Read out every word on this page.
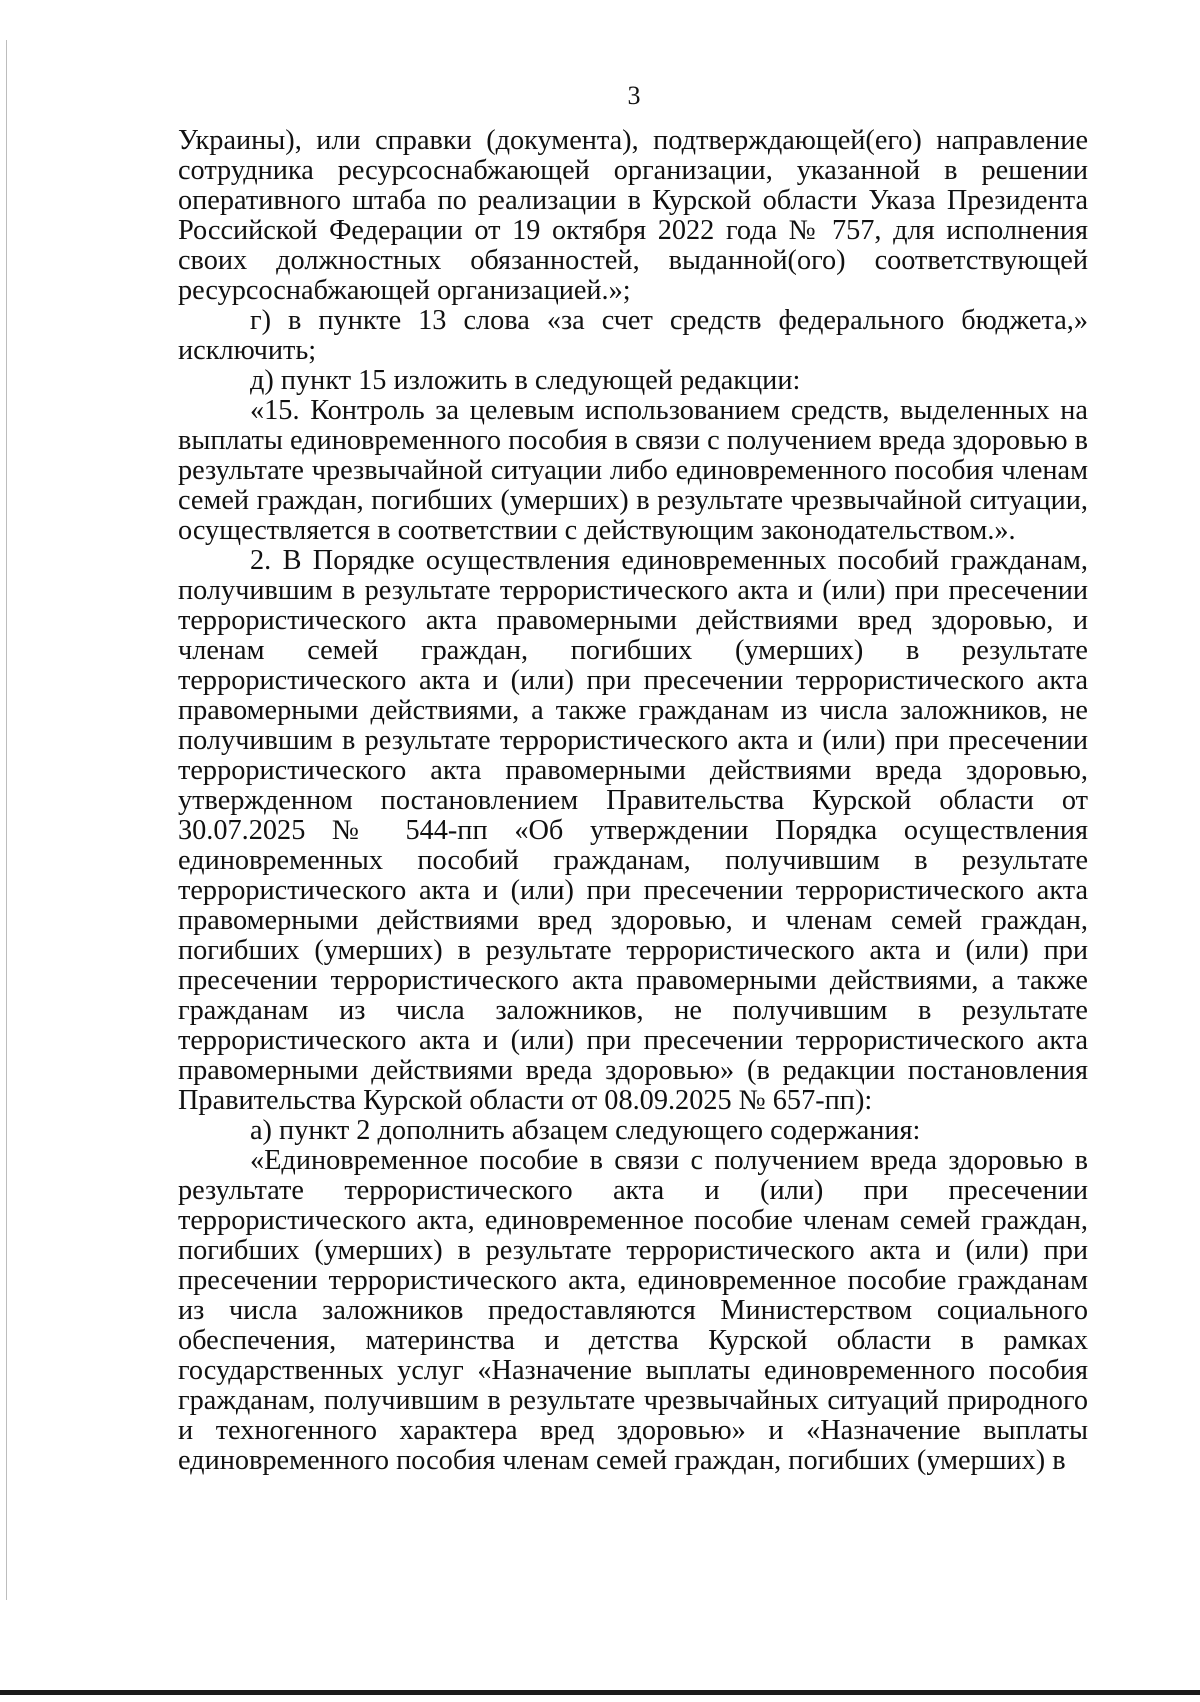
3

Украины), или справки (документа), подтверждающей(его) направление сотрудника ресурсоснабжающей организации, указанной в решении оперативного штаба по реализации в Курской области Указа Президента Российской Федерации от 19 октября 2022 года № 757, для исполнения своих должностных обязанностей, выданной(ого) соответствующей ресурсоснабжающей организацией.»;

г) в пункте 13 слова «за счет средств федерального бюджета,» исключить;

д) пункт 15 изложить в следующей редакции:

«15. Контроль за целевым использованием средств, выделенных на выплаты единовременного пособия в связи с получением вреда здоровью в результате чрезвычайной ситуации либо единовременного пособия членам семей граждан, погибших (умерших) в результате чрезвычайной ситуации, осуществляется в соответствии с действующим законодательством.».

2. В Порядке осуществления единовременных пособий гражданам, получившим в результате террористического акта и (или) при пресечении террористического акта правомерными действиями вред здоровью, и членам семей граждан, погибших (умерших) в результате террористического акта и (или) при пресечении террористического акта правомерными действиями, а также гражданам из числа заложников, не получившим в результате террористического акта и (или) при пресечении террористического акта правомерными действиями вреда здоровью, утвержденном постановлением Правительства Курской области от 30.07.2025 № 544-пп «Об утверждении Порядка осуществления единовременных пособий гражданам, получившим в результате террористического акта и (или) при пресечении террористического акта правомерными действиями вред здоровью, и членам семей граждан, погибших (умерших) в результате террористического акта и (или) при пресечении террористического акта правомерными действиями, а также гражданам из числа заложников, не получившим в результате террористического акта и (или) при пресечении террористического акта правомерными действиями вреда здоровью» (в редакции постановления Правительства Курской области от 08.09.2025 № 657-пп):

а) пункт 2 дополнить абзацем следующего содержания:

«Единовременное пособие в связи с получением вреда здоровью в результате террористического акта и (или) при пресечении террористического акта, единовременное пособие членам семей граждан, погибших (умерших) в результате террористического акта и (или) при пресечении террористического акта, единовременное пособие гражданам из числа заложников предоставляются Министерством социального обеспечения, материнства и детства Курской области в рамках государственных услуг «Назначение выплаты единовременного пособия гражданам, получившим в результате чрезвычайных ситуаций природного и техногенного характера вред здоровью» и «Назначение выплаты единовременного пособия членам семей граждан, погибших (умерших) в
